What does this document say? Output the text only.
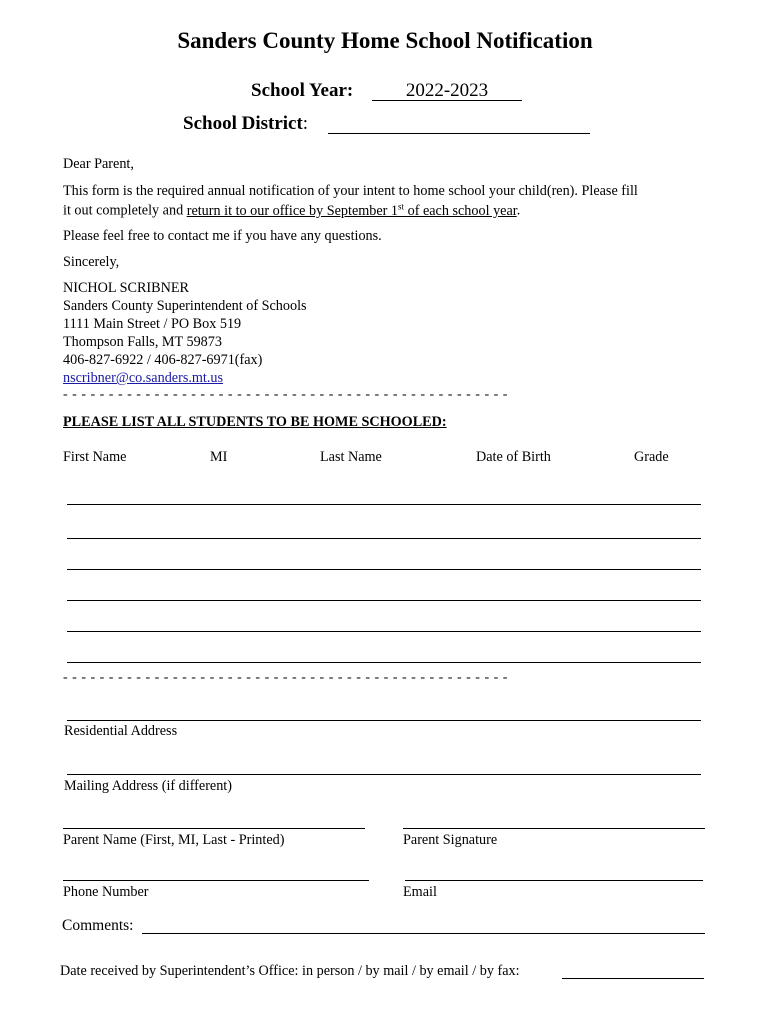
Sanders County Home School Notification
School Year:	2022-2023
School District:
Dear Parent,
This form is the required annual notification of your intent to home school your child(ren). Please fill
it out completely and return it to our office by September 1st of each school year.
Please feel free to contact me if you have any questions.
Sincerely,
NICHOL SCRIBNER
Sanders County Superintendent of Schools
1111 Main Street / PO Box 519
Thompson Falls, MT 59873
406-827-6922 / 406-827-6971(fax)
nscribner@co.sanders.mt.us
- - - - - - - - - - - - - - - - - - - - - - - - - - - - - - - - - - - - - - - - - - - - - - - - -
PLEASE LIST ALL STUDENTS TO BE HOME SCHOOLED:
First Name	MI	Last Name	Date of Birth	Grade
- - - - - - - - - - - - - - - - - - - - - - - - - - - - - - - - - - - - - - - - - - - - - - - - -
Residential Address
Mailing Address (if different)
Parent Name (First, MI, Last - Printed)	Parent Signature
Phone Number	Email
Comments:
Date received by Superintendent’s Office: in person / by mail / by email / by fax:
